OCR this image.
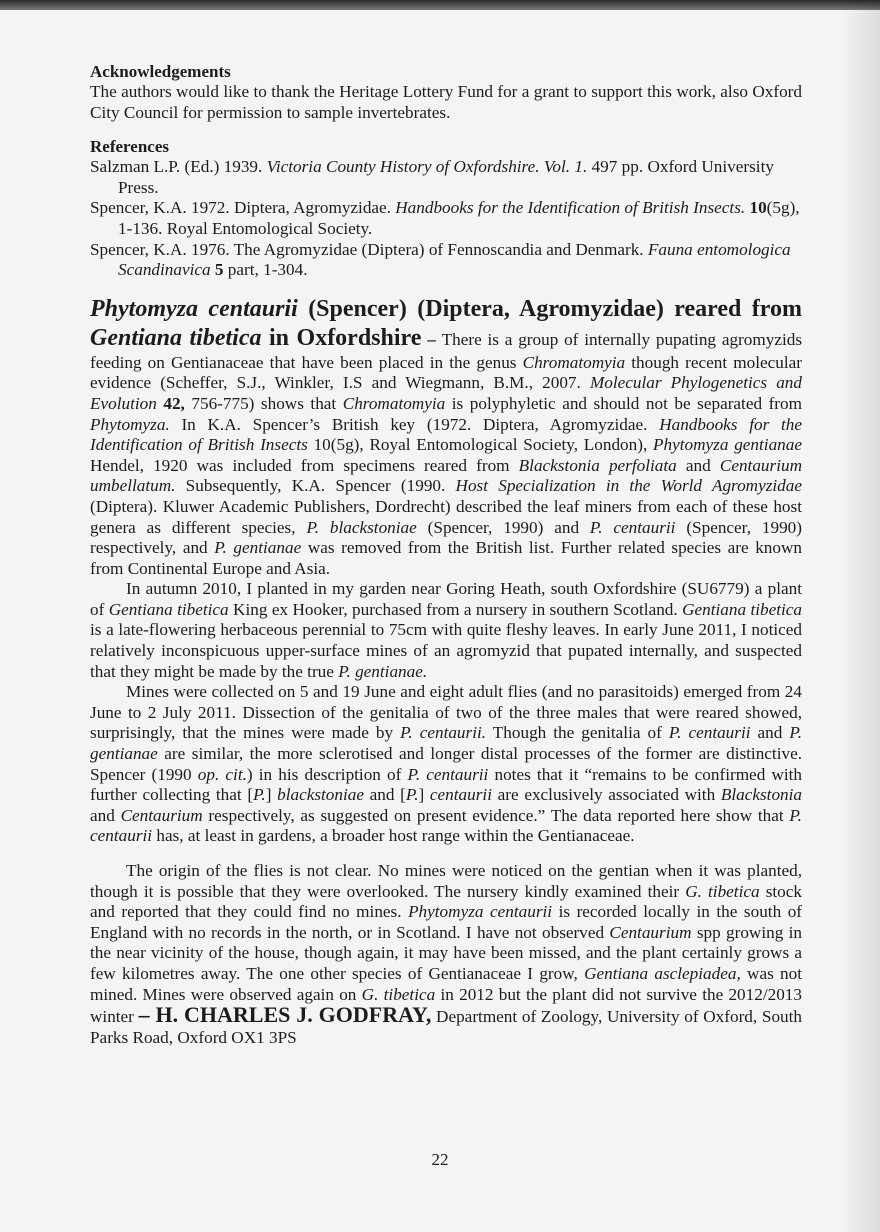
Acknowledgements

The authors would like to thank the Heritage Lottery Fund for a grant to support this work, also Oxford City Council for permission to sample invertebrates.

References

Salzman L.P. (Ed.) 1939. Victoria County History of Oxfordshire. Vol. 1. 497 pp. Oxford University Press.

Spencer, K.A. 1972. Diptera, Agromyzidae. Handbooks for the Identification of British Insects. 10(5g), 1-136. Royal Entomological Society.

Spencer, K.A. 1976. The Agromyzidae (Diptera) of Fennoscandia and Denmark. Fauna entomologica Scandinavica 5 part, 1-304.

Phytomyza centaurii (Spencer) (Diptera, Agromyzidae) reared from Gentiana tibetica in Oxfordshire – There is a group of internally pupating agromyzids feeding on Gentianaceae that have been placed in the genus Chromatomyia though recent molecular evidence (Scheffer, S.J., Winkler, I.S and Wiegmann, B.M., 2007. Molecular Phylogenetics and Evolution 42, 756-775) shows that Chromatomyia is polyphyletic and should not be separated from Phytomyza. In K.A. Spencer’s British key (1972. Diptera, Agromyzidae. Handbooks for the Identification of British Insects 10(5g), Royal Entomological Society, London), Phytomyza gentianae Hendel, 1920 was included from specimens reared from Blackstonia perfoliata and Centaurium umbellatum. Subsequently, K.A. Spencer (1990. Host Specialization in the World Agromyzidae (Diptera). Kluwer Academic Publishers, Dordrecht) described the leaf miners from each of these host genera as different species, P. blackstoniae (Spencer, 1990) and P. centaurii (Spencer, 1990) respectively, and P. gentianae was removed from the British list. Further related species are known from Continental Europe and Asia.

In autumn 2010, I planted in my garden near Goring Heath, south Oxfordshire (SU6779) a plant of Gentiana tibetica King ex Hooker, purchased from a nursery in southern Scotland. Gentiana tibetica is a late-flowering herbaceous perennial to 75cm with quite fleshy leaves. In early June 2011, I noticed relatively inconspicuous upper-surface mines of an agromyzid that pupated internally, and suspected that they might be made by the true P. gentianae.

Mines were collected on 5 and 19 June and eight adult flies (and no parasitoids) emerged from 24 June to 2 July 2011. Dissection of the genitalia of two of the three males that were reared showed, surprisingly, that the mines were made by P. centaurii. Though the genitalia of P. centaurii and P. gentianae are similar, the more sclerotised and longer distal processes of the former are distinctive. Spencer (1990 op. cit.) in his description of P. centaurii notes that it “remains to be confirmed with further collecting that [P.] blackstoniae and [P.] centaurii are exclusively associated with Blackstonia and Centaurium respectively, as suggested on present evidence.” The data reported here show that P. centaurii has, at least in gardens, a broader host range within the Gentianaceae.

The origin of the flies is not clear. No mines were noticed on the gentian when it was planted, though it is possible that they were overlooked. The nursery kindly examined their G. tibetica stock and reported that they could find no mines. Phytomyza centaurii is recorded locally in the south of England with no records in the north, or in Scotland. I have not observed Centaurium spp growing in the near vicinity of the house, though again, it may have been missed, and the plant certainly grows a few kilometres away. The one other species of Gentianaceae I grow, Gentiana asclepiadea, was not mined. Mines were observed again on G. tibetica in 2012 but the plant did not survive the 2012/2013 winter – H. CHARLES J. GODFRAY, Department of Zoology, University of Oxford, South Parks Road, Oxford OX1 3PS

22
